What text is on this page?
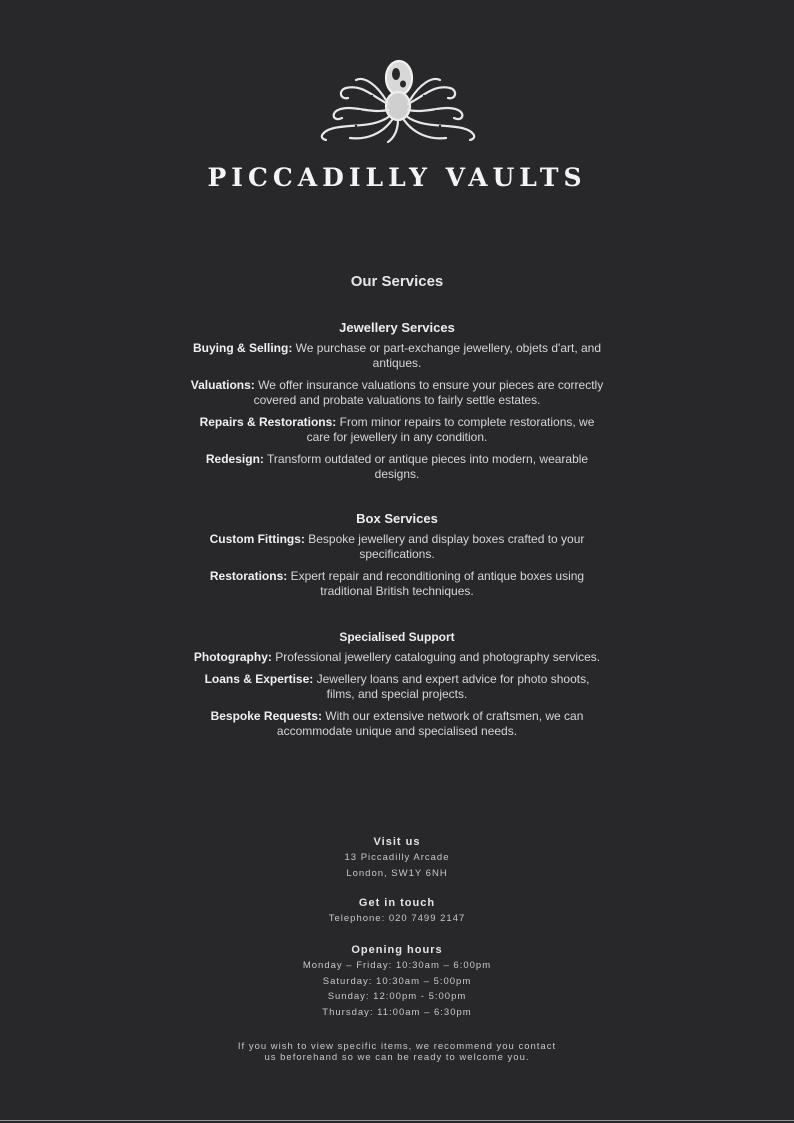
PICCADILLY VAULTS
Our Services
Jewellery Services

Buying & Selling: We purchase or part-exchange jewellery, objets d'art, and antiques.

Valuations: We offer insurance valuations to ensure your pieces are correctly covered and probate valuations to fairly settle estates.

Repairs & Restorations: From minor repairs to complete restorations, we care for jewellery in any condition.

Redesign: Transform outdated or antique pieces into modern, wearable designs.

Box Services

Custom Fittings: Bespoke jewellery and display boxes crafted to your specifications.

Restorations: Expert repair and reconditioning of antique boxes using traditional British techniques.

Specialised Support

Photography: Professional jewellery cataloguing and photography services.

Loans & Expertise: Jewellery loans and expert advice for photo shoots, films, and special projects.

Bespoke Requests: With our extensive network of craftsmen, we can accommodate unique and specialised needs.

Visit us
13 Piccadilly Arcade
London, SW1Y 6NH
Get in touch
Telephone: 020 7499 2147
Opening hours
Monday – Friday: 10:30am – 6:00pm
Saturday: 10:30am – 5:00pm
Sunday: 12:00pm - 5:00pm
Thursday: 11:00am – 6:30pm
If you wish to view specific items, we recommend you contact
us beforehand so we can be ready to welcome you.
